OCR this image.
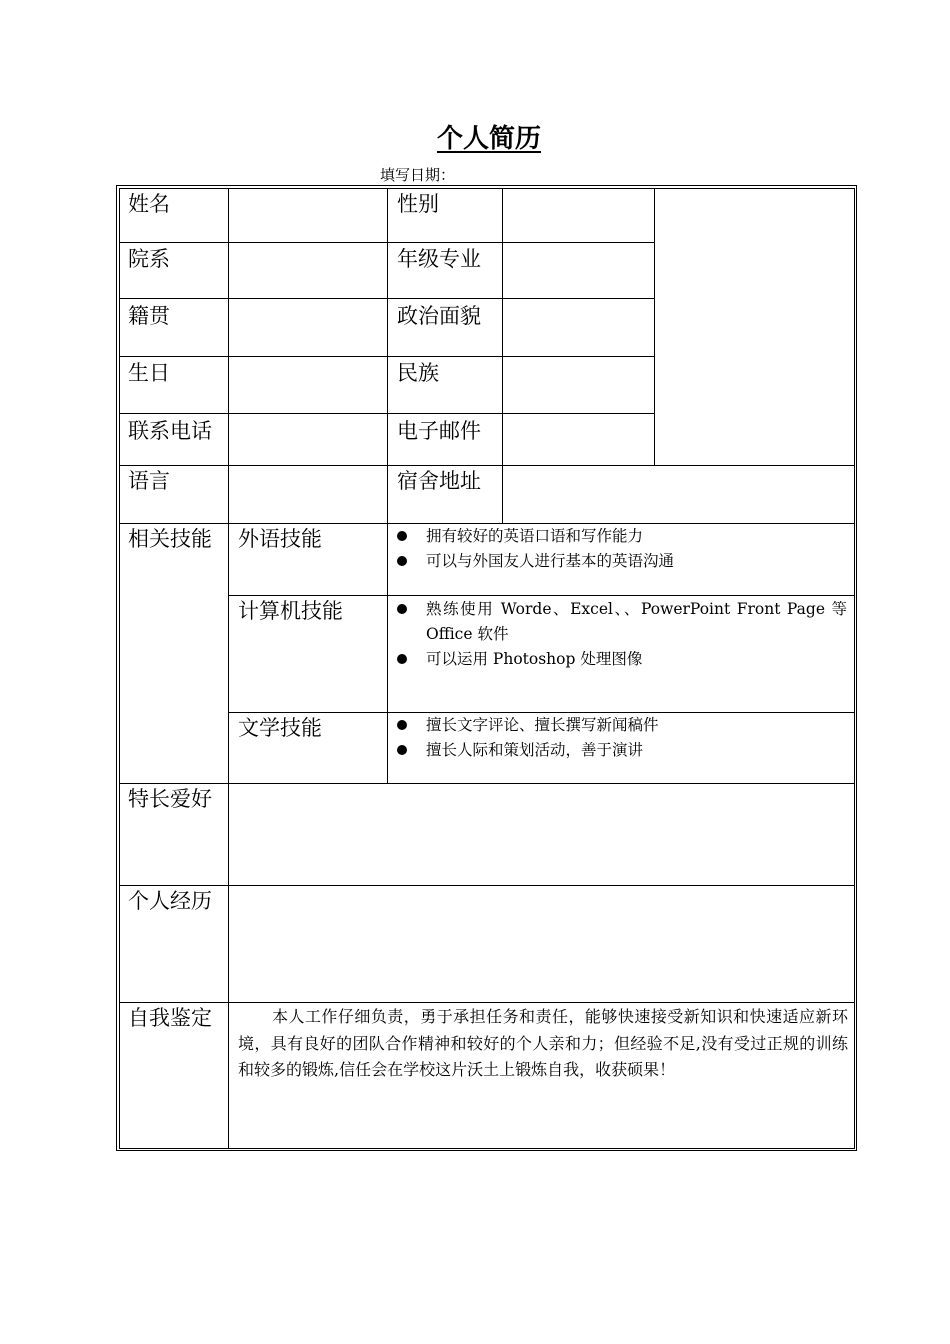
个人简历
填写日期：
姓名
院系
籍贯
生日
联系电话
语言
相关技能
特长爱好
个人经历
自我鉴定
性别
年级专业
政治面貌
民族
电子邮件
宿舍地址
外语技能
计算机技能
文学技能
拥有较好的英语口语和写作能力
可以与外国友人进行基本的英语沟通
熟练使用 Worde、Excel、、PowerPoint Front Page 等
Office 软件
可以运用 Photoshop 处理图像
擅长文字评论、擅长撰写新闻稿件
擅长人际和策划活动，善于演讲
本人工作仔细负责，勇于承担任务和责任，能够快速接受新知识和快速适应新环境，具有良好的团队合作精神和较好的个人亲和力；但经验不足,没有受过正规的训练和较多的锻炼,信任会在学校这片沃土上锻炼自我，收获硕果！
